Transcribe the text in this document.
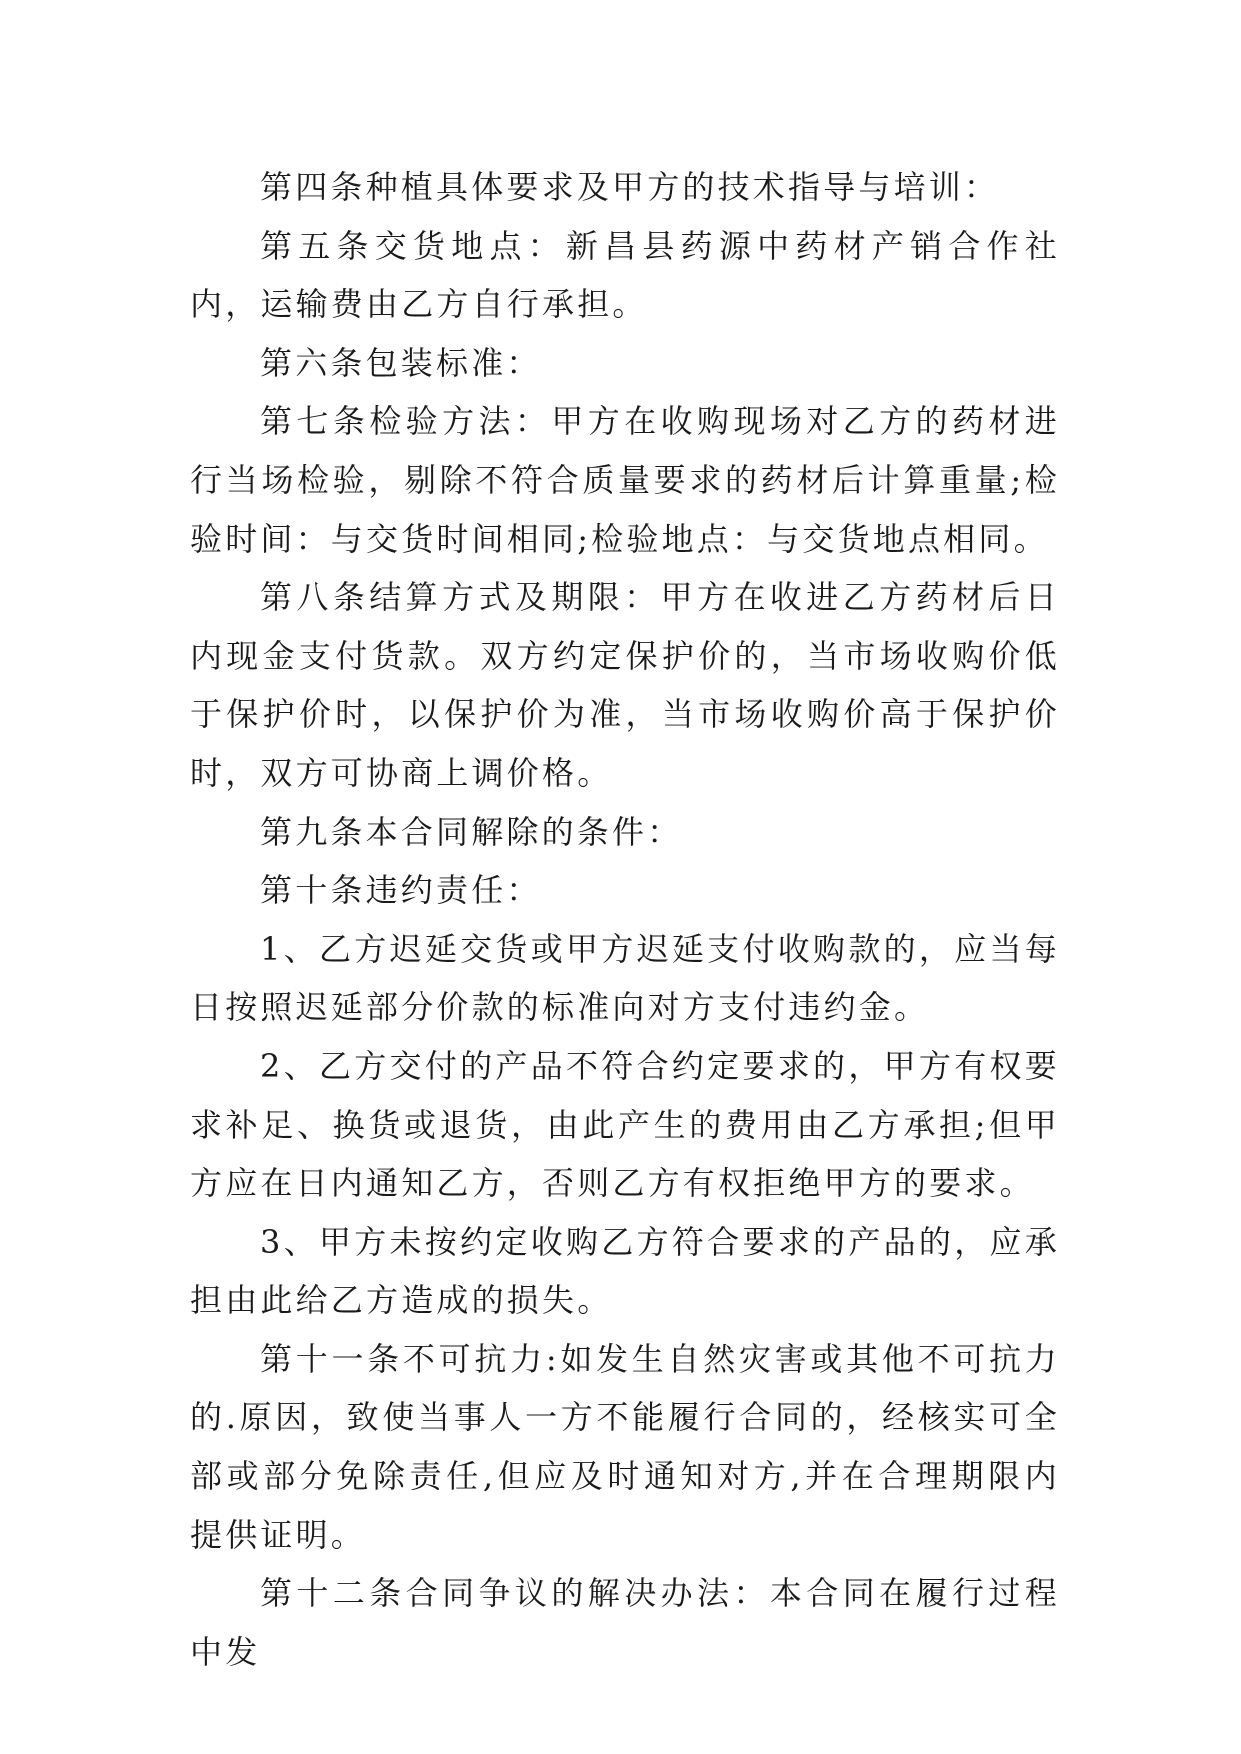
第四条种植具体要求及甲方的技术指导与培训：

第五条交货地点：新昌县药源中药材产销合作社内，运输费由乙方自行承担。

第六条包装标准：

第七条检验方法：甲方在收购现场对乙方的药材进行当场检验，剔除不符合质量要求的药材后计算重量;检验时间：与交货时间相同;检验地点：与交货地点相同。

第八条结算方式及期限：甲方在收进乙方药材后日内现金支付货款。双方约定保护价的，当市场收购价低于保护价时，以保护价为准，当市场收购价高于保护价时，双方可协商上调价格。

第九条本合同解除的条件：

第十条违约责任：

1、乙方迟延交货或甲方迟延支付收购款的，应当每日按照迟延部分价款的标准向对方支付违约金。

2、乙方交付的产品不符合约定要求的，甲方有权要求补足、换货或退货，由此产生的费用由乙方承担;但甲方应在日内通知乙方，否则乙方有权拒绝甲方的要求。

3、甲方未按约定收购乙方符合要求的产品的，应承担由此给乙方造成的损失。

第十一条不可抗力:如发生自然灾害或其他不可抗力的.原因，致使当事人一方不能履行合同的，经核实可全部或部分免除责任,但应及时通知对方,并在合理期限内提供证明。

第十二条合同争议的解决办法：本合同在履行过程中发
